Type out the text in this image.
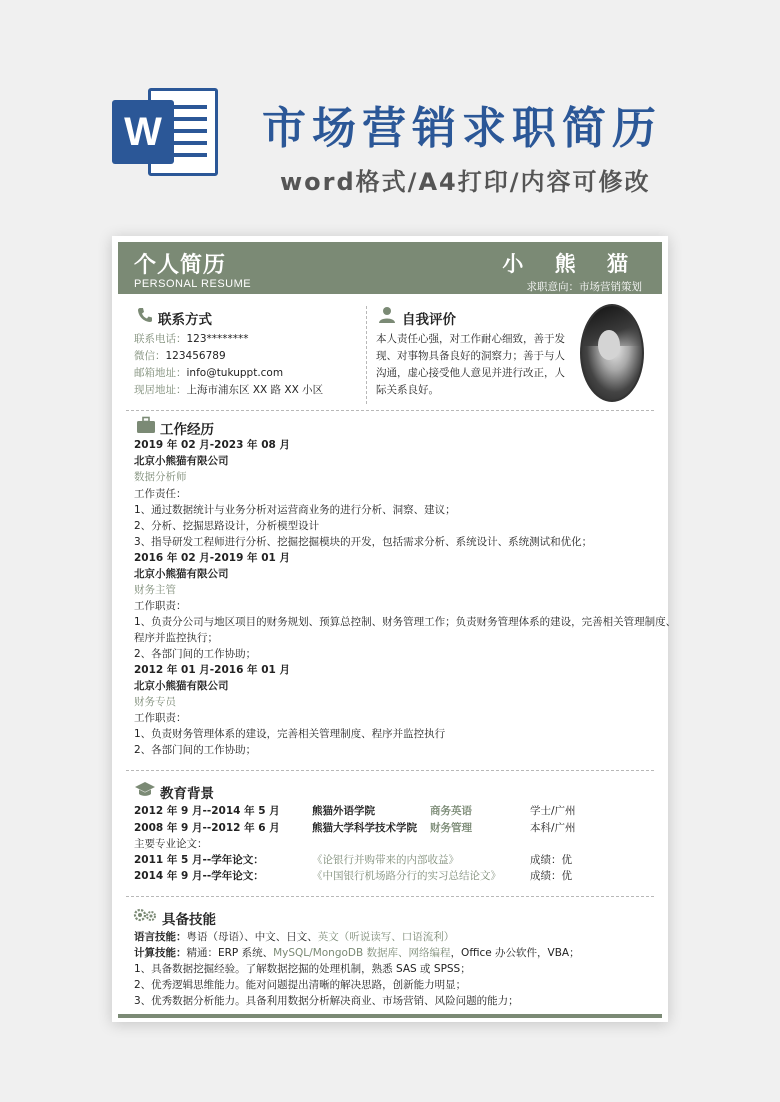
W 市场营销求职简历
word格式/A4打印/内容可修改
个人简历
PERSONAL RESUME
小 熊 猫
求职意向：市场营销策划
联系方式
联系电话：123********
微信：123456789
邮箱地址：info@tukuppt.com
现居地址：上海市浦东区 XX 路 XX 小区
自我评价
本人责任心强，对工作耐心细致，善于发
现、对事物具备良好的洞察力；善于与人
沟通，虚心接受他人意见并进行改正，人
际关系良好。
工作经历
2019 年 02 月-2023 年 08 月
北京小熊猫有限公司
数据分析师
工作责任：
1、通过数据统计与业务分析对运营商业务的进行分析、洞察、建议；
2、分析、挖掘思路设计，分析模型设计
3、指导研发工程师进行分析、挖掘挖掘模块的开发，包括需求分析、系统设计、系统测试和优化；
2016 年 02 月-2019 年 01 月
北京小熊猫有限公司
财务主管
工作职责：
1、负责分公司与地区项目的财务规划、预算总控制、财务管理工作；负责财务管理体系的建设，完善相关管理制度、
程序并监控执行；
2、各部门间的工作协助；
2012 年 01 月-2016 年 01 月
北京小熊猫有限公司
财务专员
工作职责：
1、负责财务管理体系的建设，完善相关管理制度、程序并监控执行
2、各部门间的工作协助；
教育背景
2012 年 9 月--2014 年 5 月	熊猫外语学院	商务英语	学士/广州
2008 年 9 月--2012 年 6 月	熊猫大学科学技术学院 财务管理	本科/广州
主要专业论文：
2011 年 5 月--学年论文：	《论银行并购带来的内部收益》	成绩：优
2014 年 9 月--学年论文：	《中国银行机场路分行的实习总结论文》	成绩：优
具备技能
语言技能：粤语（母语）、中文、日文、英文（听说读写、口语流利）
计算技能：精通：ERP 系统、MySQL/MongoDB 数据库、网络编程，Office 办公软件，VBA；
1、具备数据挖掘经验。了解数据挖掘的处理机制，熟悉 SAS 或 SPSS；
2、优秀逻辑思维能力。能对问题提出清晰的解决思路，创新能力明显；
3、优秀数据分析能力。具备利用数据分析解决商业、市场营销、风险问题的能力；
